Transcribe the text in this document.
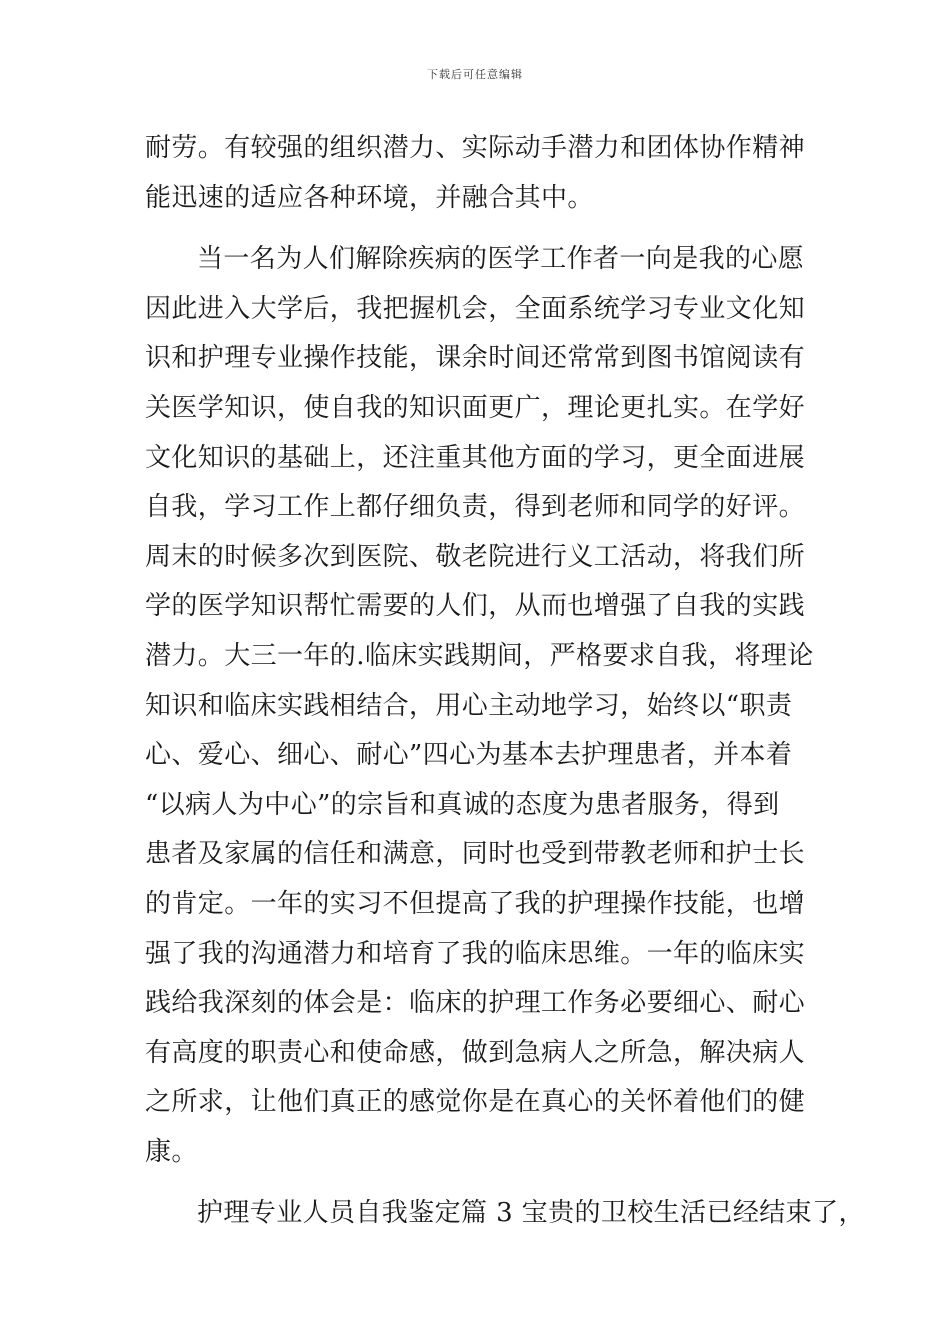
下载后可任意编辑
耐劳。有较强的组织潜力、实际动手潜力和团体协作精神
能迅速的适应各种环境，并融合其中。
当一名为人们解除疾病的医学工作者一向是我的心愿
因此进入大学后，我把握机会，全面系统学习专业文化知
识和护理专业操作技能，课余时间还常常到图书馆阅读有
关医学知识，使自我的知识面更广，理论更扎实。在学好
文化知识的基础上，还注重其他方面的学习，更全面进展
自我，学习工作上都仔细负责，得到老师和同学的好评。
周末的时候多次到医院、敬老院进行义工活动，将我们所
学的医学知识帮忙需要的人们，从而也增强了自我的实践
潜力。大三一年的.临床实践期间，严格要求自我，将理论
知识和临床实践相结合，用心主动地学习，始终以“职责
心、爱心、细心、耐心”四心为基本去护理患者，并本着
“以病人为中心”的宗旨和真诚的态度为患者服务，得到
患者及家属的信任和满意，同时也受到带教老师和护士长
的肯定。一年的实习不但提高了我的护理操作技能，也增
强了我的沟通潜力和培育了我的临床思维。一年的临床实
践给我深刻的体会是：临床的护理工作务必要细心、耐心
有高度的职责心和使命感，做到急病人之所急，解决病人
之所求，让他们真正的感觉你是在真心的关怀着他们的健
康。
护理专业人员自我鉴定篇 3 宝贵的卫校生活已经结束了，
